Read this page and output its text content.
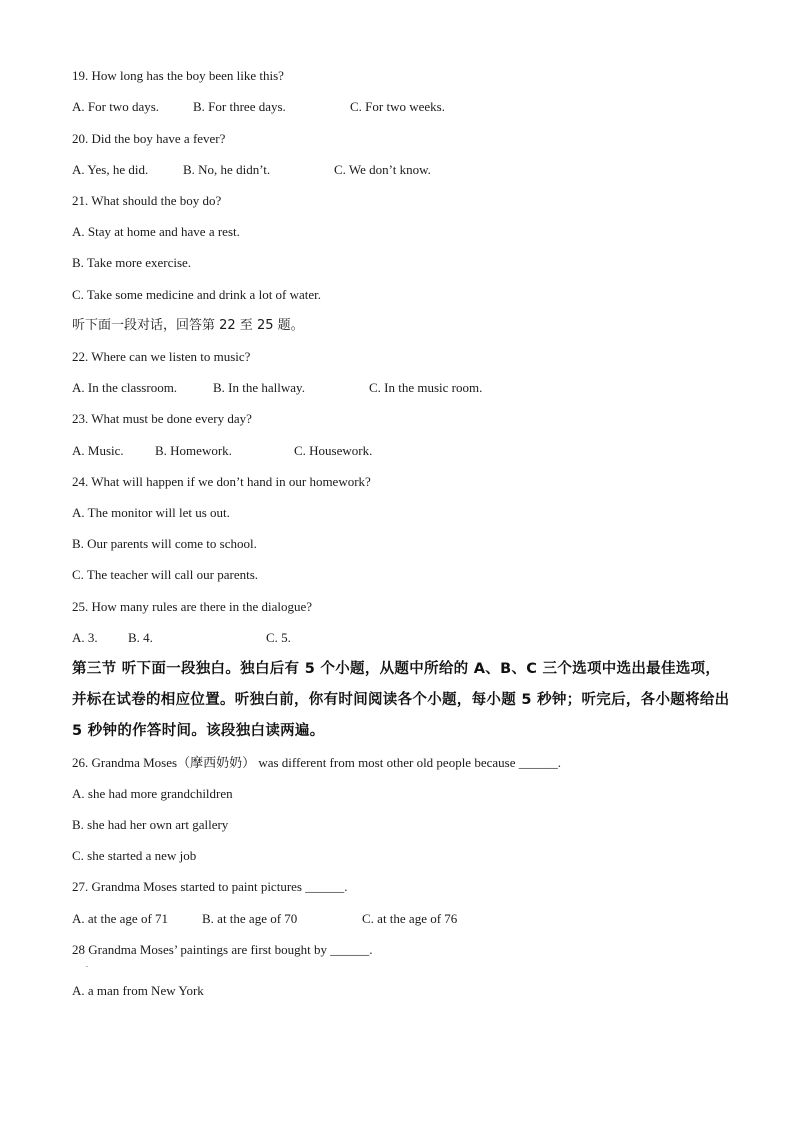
19. How long has the boy been like this?
A. For two days.	B. For three days.	C. For two weeks.
20. Did the boy have a fever?
A. Yes, he did.	B. No, he didn’t.	C. We don’t know.
21. What should the boy do?
A. Stay at home and have a rest.
B. Take more exercise.
C. Take some medicine and drink a lot of water.
听下面一段对话，回答第 22 至 25 题。
22. Where can we listen to music?
A. In the classroom.	B. In the hallway.	C. In the music room.
23. What must be done every day?
A. Music. B. Homework.	C. Housework.
24. What will happen if we don’t hand in our homework?
A. The monitor will let us out.
B. Our parents will come to school.
C. The teacher will call our parents.
25. How many rules are there in the dialogue?
A. 3. B. 4.	C. 5.
第三节 听下面一段独白。独白后有 5 个小题，从题中所给的 A、B、C 三个选项中选出最佳选项，并标在试卷的相应位置。听独白前，你有时间阅读各个小题，每小题 5 秒钟；听完后，各小题将给出 5 秒钟的作答时间。该段独白读两遍。
26. Grandma Moses（摩西奶奶） was different from most other old people because ______.
A. she had more grandchildren
B. she had her own art gallery
C. she started a new job
27. Grandma Moses started to paint pictures ______.
A. at the age of 71	B. at the age of 70	C. at the age of 76
28 Grandma Moses’ paintings are first bought by ______.
.
A. a man from New York
